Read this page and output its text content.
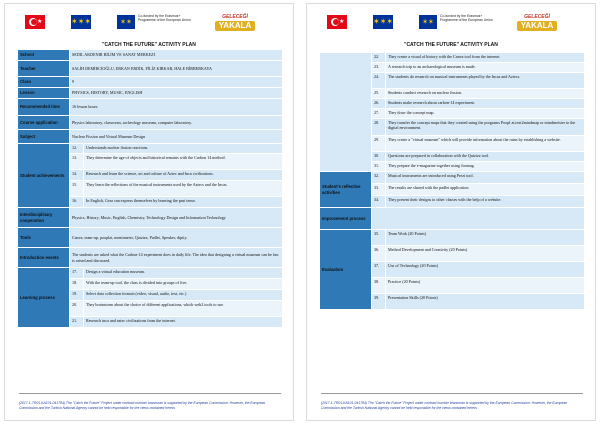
★	✶✶✶	✶✶
Co-funded by the Erasmus+ Programme of the European Union
GELECEĞİ
YAKALA
"CATCH THE FUTURE" ACTIVITY PLAN
School	SEDIL AKDENIR BİLİM VE SANAT MERKEZİ	
Teacher	SALİH DEMİRCİOĞLU, ERKAN ERDİK, FİLİZ KIRKAR, HALE BİRBERKAYA	
Class	9	
Lesson	PHYSICS, HISTORY, MUSIC, ENGLISH	
Recommended time	16 lesson hours	
Course application	Physics laboratory, classroom, archeology museum, computer laboratory.	
Subject	Nuclear Fission and Virtual Museum Design	
Student achievements	12.	Understands nuclear fission reactions.
	13.	They determine the age of objects and historical remains with the Carbon 14 method.
	14.	Research and learn the science, art and culture of Aztec and Inca civilizations.
	15.	They learn the reflections of the musical instruments used by the Aztecs and the Incas.
	16.	In English, Gear can express themselves by learning the past tense.
Interdisciplinary cooperation	Physics, History, Music, English, Chemistry, Technology Design and Information Technology	
Tools	Canva, team-up, pooplat, mentimeter, Quizizz, Padlet, Speaker, dipity.	
Introduction events	The students are asked what the Carbon-14 experiment does in daily life. The idea that designing a virtual museum can be fun is raised and discussed.	
Learning process	17.	Design a virtual education museum.
	18.	With the team-up tool, the class is divided into groups of five.
	19.	Select data collection formats (video, visual, audio, text, etc.)
	20.	They brainstorm about the choice of different applications, which web2 tools to use.
	21.	Research inca and aztec civilizations from the internet.
(2017-1-TR01-KA101-041784) The "Catch the Future" Project under contract number brancman is supported by the European Commission. However, the European Commission and the Turkish National Agency cannot be held responsible for the views contained herein.
★	✶✶✶	✶✶
Co-funded by the Erasmus+ Programme of the European Union
GELECEĞİ
YAKALA
"CATCH THE FUTURE" ACTIVITY PLAN
	22.	They create a visual of history with the Canva tool from the internet.
	23.	A research trip to an archaeological museum is made.
	24.	The students do research on musical instruments played by the Incas and Aztecs.
	25.	Students conduct research on nuclear fission.
	26.	Students make research about carbon-14 experiment.
	27.	They draw the concept map.
	28.	They transfer the concept maps that they created using the programs Poopl at,text2mindmap or mindmeister to the digital environment.
	29.	They create a "virtual museum" which will provide information about the ruins by establishing a website.
	30.	Questions are prepared in collaboration with the Quizizz tool.
	31.	They prepare the e-magazine together using Joomag.
Student's reflective activities	32.	Musical instruments are introduced using Prezi tool.
	33.	The results are shared with the padlet application.
	34.	They present their designs to other classes with the help of a website.
Improvement process		
Evaluation	35.	Team Work (20 Points)
	36.	Method Development and Creativity (20 Points)
	37.	Use of Technology (20 Points)
	38.	Practice (20 Points)
	39.	Presentation Skills (20 Points)
(2017-1-TR01-KA101-041784) The "Catch the Future" Project under contract number brancman is supported by the European Commission. However, the European Commission and the Turkish National Agency cannot be held responsible for the views contained herein.
